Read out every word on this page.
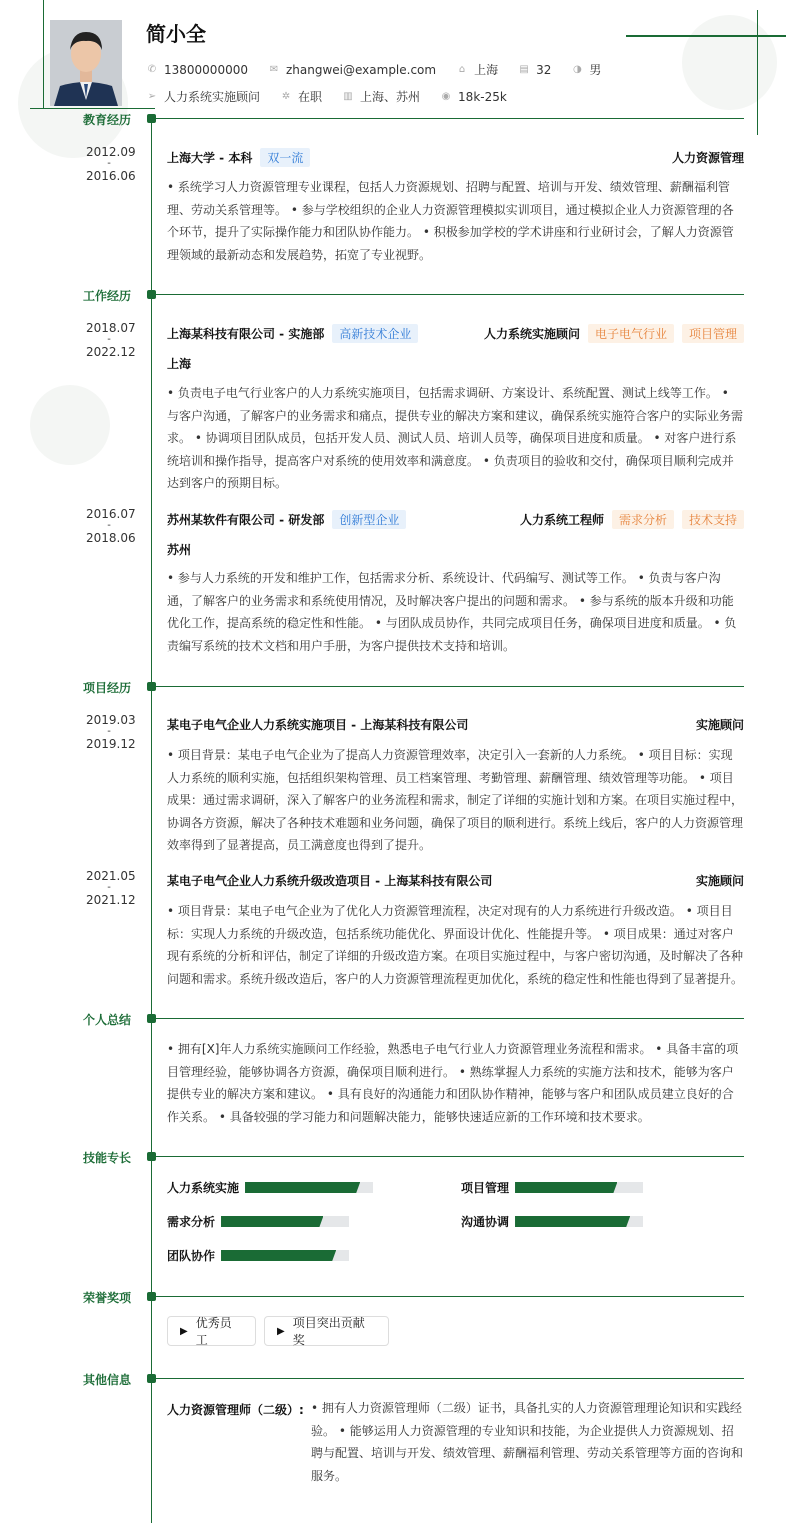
简小全
✆ 13800000000 ✉ zhangwei@example.com ⌂ 上海 ▤ 32 ◑ 男
➢ 人力系统实施顾问 ✲ 在职 ▥ 上海、苏州 ◉ 18k-25k
教育经历
2012.09
-
2016.06
上海大学 - 本科	双一流	人力资源管理
• 系统学习人力资源管理专业课程，包括人力资源规划、招聘与配置、培训与开发、绩效管理、薪酬福利管理、劳动关系管理等。 • 参与学校组织的企业人力资源管理模拟实训项目，通过模拟企业人力资源管理的各个环节，提升了实际操作能力和团队协作能力。 • 积极参加学校的学术讲座和行业研讨会，了解人力资源管理领域的最新动态和发展趋势，拓宽了专业视野。
工作经历
2018.07
-
2022.12
上海某科技有限公司 - 实施部	高新技术企业	人力系统实施顾问	电子电气行业	项目管理
上海
• 负责电子电气行业客户的人力系统实施项目，包括需求调研、方案设计、系统配置、测试上线等工作。 • 与客户沟通，了解客户的业务需求和痛点，提供专业的解决方案和建议，确保系统实施符合客户的实际业务需求。 • 协调项目团队成员，包括开发人员、测试人员、培训人员等，确保项目进度和质量。 • 对客户进行系统培训和操作指导，提高客户对系统的使用效率和满意度。 • 负责项目的验收和交付，确保项目顺利完成并达到客户的预期目标。
2016.07
-
2018.06
苏州某软件有限公司 - 研发部	创新型企业	人力系统工程师	需求分析	技术支持
苏州
• 参与人力系统的开发和维护工作，包括需求分析、系统设计、代码编写、测试等工作。 • 负责与客户沟通，了解客户的业务需求和系统使用情况，及时解决客户提出的问题和需求。 • 参与系统的版本升级和功能优化工作，提高系统的稳定性和性能。 • 与团队成员协作，共同完成项目任务，确保项目进度和质量。 • 负责编写系统的技术文档和用户手册，为客户提供技术支持和培训。
项目经历
2019.03
-
2019.12
某电子电气企业人力系统实施项目 - 上海某科技有限公司	实施顾问
• 项目背景：某电子电气企业为了提高人力资源管理效率，决定引入一套新的人力系统。 • 项目目标：实现人力系统的顺利实施，包括组织架构管理、员工档案管理、考勤管理、薪酬管理、绩效管理等功能。 • 项目成果：通过需求调研，深入了解客户的业务流程和需求，制定了详细的实施计划和方案。在项目实施过程中，协调各方资源，解决了各种技术难题和业务问题，确保了项目的顺利进行。系统上线后，客户的人力资源管理效率得到了显著提高，员工满意度也得到了提升。
2021.05
-
2021.12
某电子电气企业人力系统升级改造项目 - 上海某科技有限公司	实施顾问
• 项目背景：某电子电气企业为了优化人力资源管理流程，决定对现有的人力系统进行升级改造。 • 项目目标：实现人力系统的升级改造，包括系统功能优化、界面设计优化、性能提升等。 • 项目成果：通过对客户现有系统的分析和评估，制定了详细的升级改造方案。在项目实施过程中，与客户密切沟通，及时解决了各种问题和需求。系统升级改造后，客户的人力资源管理流程更加优化，系统的稳定性和性能也得到了显著提升。
个人总结
• 拥有[X]年人力系统实施顾问工作经验，熟悉电子电气行业人力资源管理业务流程和需求。 • 具备丰富的项目管理经验，能够协调各方资源，确保项目顺利进行。 • 熟练掌握人力系统的实施方法和技术，能够为客户提供专业的解决方案和建议。 • 具有良好的沟通能力和团队协作精神，能够与客户和团队成员建立良好的合作关系。 • 具备较强的学习能力和问题解决能力，能够快速适应新的工作环境和技术要求。
技能专长
人力系统实施	项目管理
需求分析	沟通协调
团队协作
荣誉奖项
▶
优秀员工
▶
项目突出贡献奖
其他信息
人力资源管理师（二级）: • 拥有人力资源管理师（二级）证书，具备扎实的人力资源管理理论知识和实践经验。 • 能够运用人力资源管理的专业知识和技能，为企业提供人力资源规划、招聘与配置、培训与开发、绩效管理、薪酬福利管理、劳动关系管理等方面的咨询和服务。
